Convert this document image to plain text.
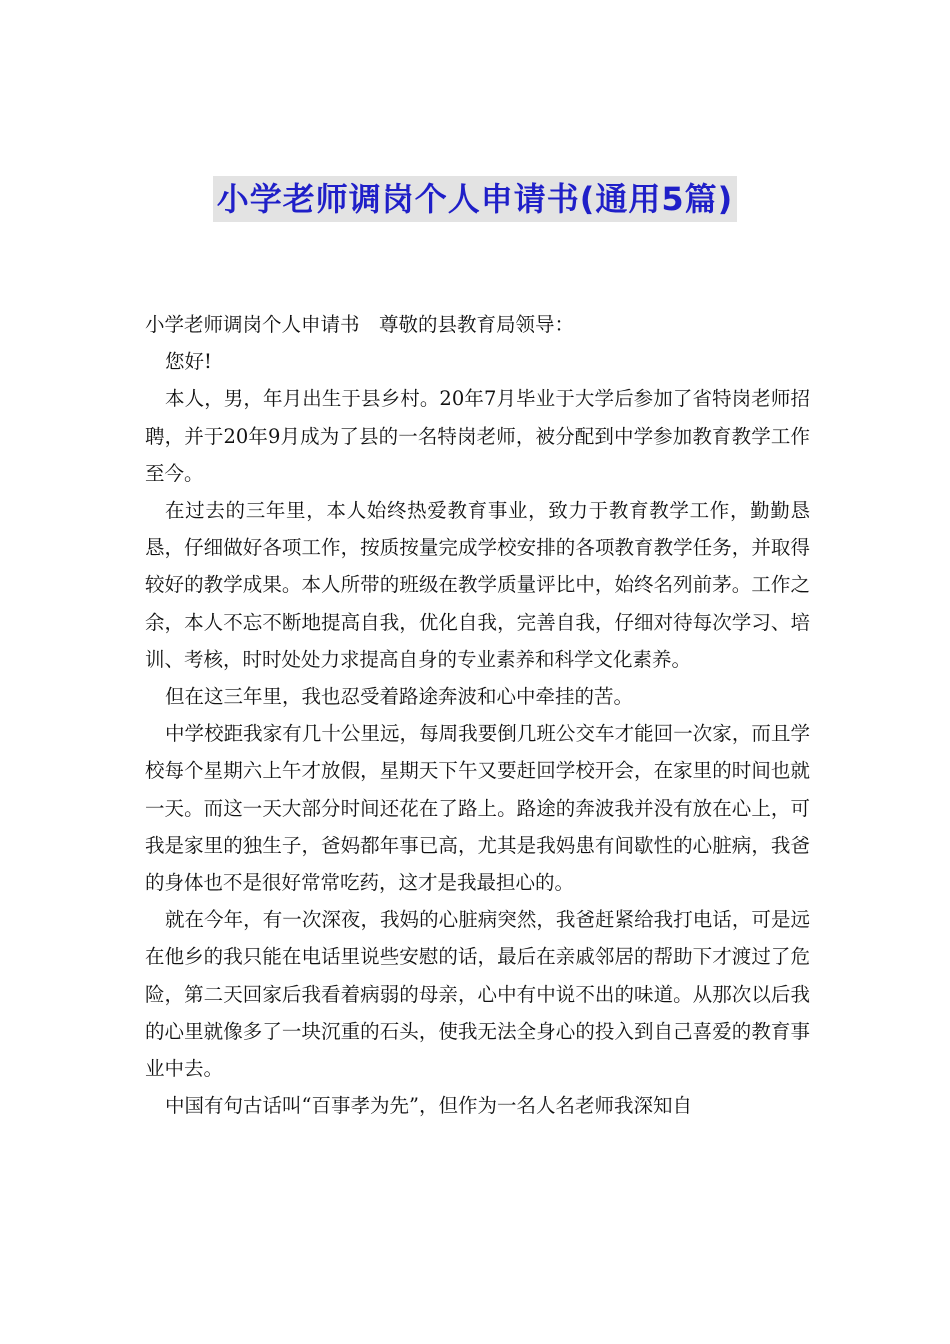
小学老师调岗个人申请书(通用5篇)

小学老师调岗个人申请书　尊敬的县教育局领导：

您好!

本人，男，年月出生于县乡村。20年7月毕业于大学后参加了省特岗老师招聘，并于20年9月成为了县的一名特岗老师，被分配到中学参加教育教学工作至今。

在过去的三年里，本人始终热爱教育事业，致力于教育教学工作，勤勤恳恳，仔细做好各项工作，按质按量完成学校安排的各项教育教学任务，并取得较好的教学成果。本人所带的班级在教学质量评比中，始终名列前茅。工作之余，本人不忘不断地提高自我，优化自我，完善自我，仔细对待每次学习、培训、考核，时时处处力求提高自身的专业素养和科学文化素养。

但在这三年里，我也忍受着路途奔波和心中牵挂的苦。

中学校距我家有几十公里远，每周我要倒几班公交车才能回一次家，而且学校每个星期六上午才放假，星期天下午又要赶回学校开会，在家里的时间也就一天。而这一天大部分时间还花在了路上。路途的奔波我并没有放在心上，可我是家里的独生子，爸妈都年事已高，尤其是我妈患有间歇性的心脏病，我爸的身体也不是很好常常吃药，这才是我最担心的。

就在今年，有一次深夜，我妈的心脏病突然，我爸赶紧给我打电话，可是远在他乡的我只能在电话里说些安慰的话，最后在亲戚邻居的帮助下才渡过了危险，第二天回家后我看着病弱的母亲，心中有中说不出的味道。从那次以后我的心里就像多了一块沉重的石头，使我无法全身心的投入到自己喜爱的教育事业中去。

中国有句古话叫“百事孝为先”，但作为一名人名老师我深知自
